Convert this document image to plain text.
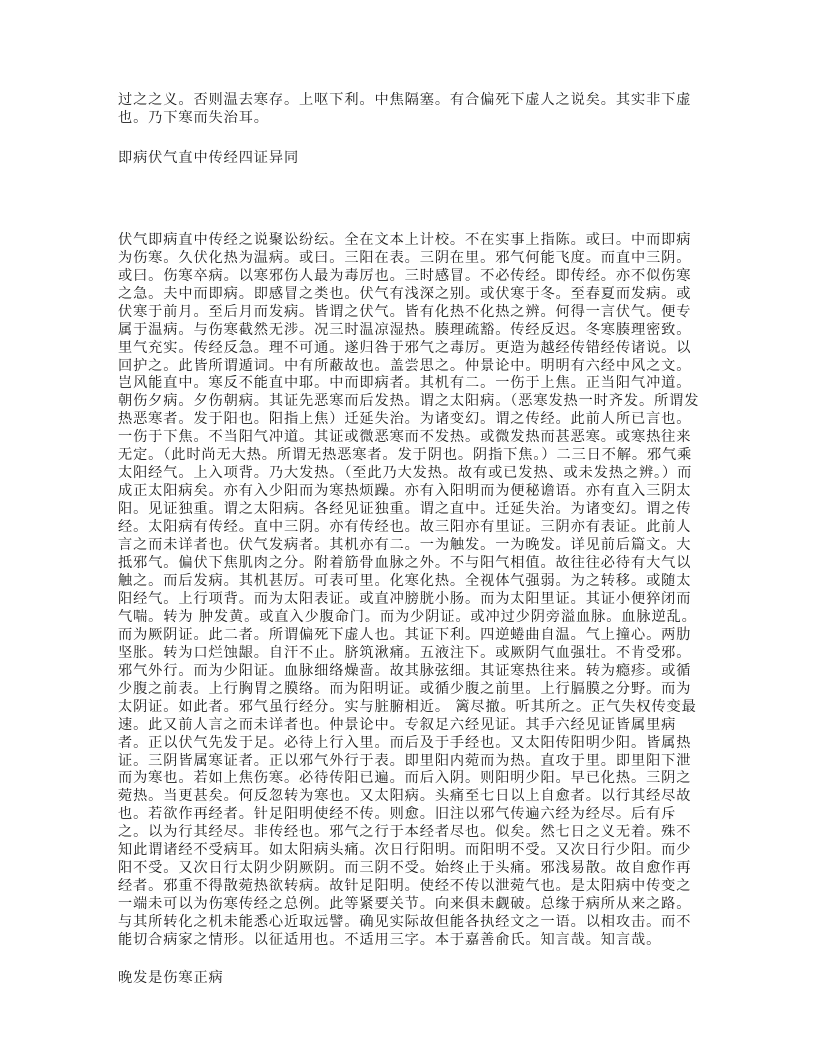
过之之义。否则温去寒存。上呕下利。中焦隔塞。有合偏死下虚人之说矣。其实非下虚也。乃下寒而失治耳。

即病伏气直中传经四证异同

伏气即病直中传经之说聚讼纷纭。全在文本上计校。不在实事上指陈。或曰。中而即病为伤寒。久伏化热为温病。或曰。三阳在表。三阴在里。邪气何能飞度。而直中三阴。或曰。伤寒卒病。以寒邪伤人最为毒厉也。三时感冒。不必传经。即传经。亦不似伤寒之急。夫中而即病。即感冒之类也。伏气有浅深之别。或伏寒于冬。至春夏而发病。或伏寒于前月。至后月而发病。皆谓之伏气。皆有化热不化热之辨。何得一言伏气。便专属于温病。与伤寒截然无涉。况三时温凉湿热。腠理疏豁。传经反迟。冬寒腠理密致。里气充实。传经反急。理不可通。遂归咎于邪气之毒厉。更造为越经传错经传诸说。以回护之。此皆所谓遁词。中有所蔽故也。盖尝思之。仲景论中。明明有六经中风之文。岂风能直中。寒反不能直中耶。中而即病者。其机有二。一伤于上焦。正当阳气冲道。朝伤夕病。夕伤朝病。其证先恶寒而后发热。谓之太阳病。（恶寒发热一时齐发。所谓发热恶寒者。发于阳也。阳指上焦）迁延失治。为诸变幻。谓之传经。此前人所已言也。一伤于下焦。不当阳气冲道。其证或微恶寒而不发热。或微发热而甚恶寒。或寒热往来无定。（此时尚无大热。所谓无热恶寒者。发于阴也。阴指下焦。）二三日不解。邪气乘太阳经气。上入项背。乃大发热。（至此乃大发热。故有或已发热、或未发热之辨。）而成正太阳病矣。亦有入少阳而为寒热烦躁。亦有入阳明而为便秘谵语。亦有直入三阴太阳。见证独重。谓之太阳病。各经见证独重。谓之直中。迁延失治。为诸变幻。谓之传经。太阳病有传经。直中三阴。亦有传经也。故三阳亦有里证。三阴亦有表证。此前人言之而未详者也。伏气发病者。其机亦有二。一为触发。一为晚发。详见前后篇文。大抵邪气。偏伏下焦肌肉之分。附着筋骨血脉之外。不与阳气相值。故往往必待有大气以触之。而后发病。其机甚厉。可表可里。化寒化热。全视体气强弱。为之转移。或随太阳经气。上行项背。而为太阳表证。或直冲膀胱小肠。而为太阳里证。其证小便猝闭而气喘。转为 肿发黄。或直入少腹命门。而为少阴证。或冲过少阴旁溢血脉。血脉逆乱。而为厥阴证。此二者。所谓偏死下虚人也。其证下利。四逆蜷曲自温。气上撞心。两肋坚胀。转为口烂蚀龈。自汗不止。脐筑湫痛。五液注下。或厥阴气血强壮。不肯受邪。邪气外行。而为少阳证。血脉细络燥啬。故其脉弦细。其证寒热往来。转为瘾疹。或循少腹之前表。上行胸胃之膜络。而为阳明证。或循少腹之前里。上行膈膜之分野。而为太阴证。如此者。邪气虽行经分。实与脏腑相近。 篱尽撤。听其所之。正气失权传变最速。此又前人言之而未详者也。仲景论中。专叙足六经见证。其手六经见证皆属里病者。正以伏气先发于足。必待上行入里。而后及于手经也。又太阳传阳明少阳。皆属热证。三阴皆属寒证者。正以邪气外行于表。即里阳内菀而为热。直攻于里。即里阳下泄而为寒也。若如上焦伤寒。必待传阳已遍。而后入阴。则阳明少阳。早已化热。三阴之菀热。当更甚矣。何反忽转为寒也。又太阳病。头痛至七日以上自愈者。以行其经尽故也。若欲作再经者。针足阳明使经不传。则愈。旧注以邪气传遍六经为经尽。后有斥之。以为行其经尽。非传经也。邪气之行于本经者尽也。似矣。然七日之义无着。殊不知此谓诸经不受病耳。如太阳病头痛。次日行阳明。而阳明不受。又次日行少阳。而少阳不受。又次日行太阴少阴厥阴。而三阴不受。始终止于头痛。邪浅易散。故自愈作再经者。邪重不得散菀热欲转病。故针足阳明。使经不传以泄菀气也。是太阳病中传变之一端未可以为伤寒传经之总例。此等紧要关节。向来俱未觑破。总缘于病所从来之路。与其所转化之机未能悉心近取远譬。确见实际故但能各执经文之一语。以相攻击。而不能切合病家之情形。以征适用也。不适用三字。本于嘉善俞氏。知言哉。知言哉。

晚发是伤寒正病
